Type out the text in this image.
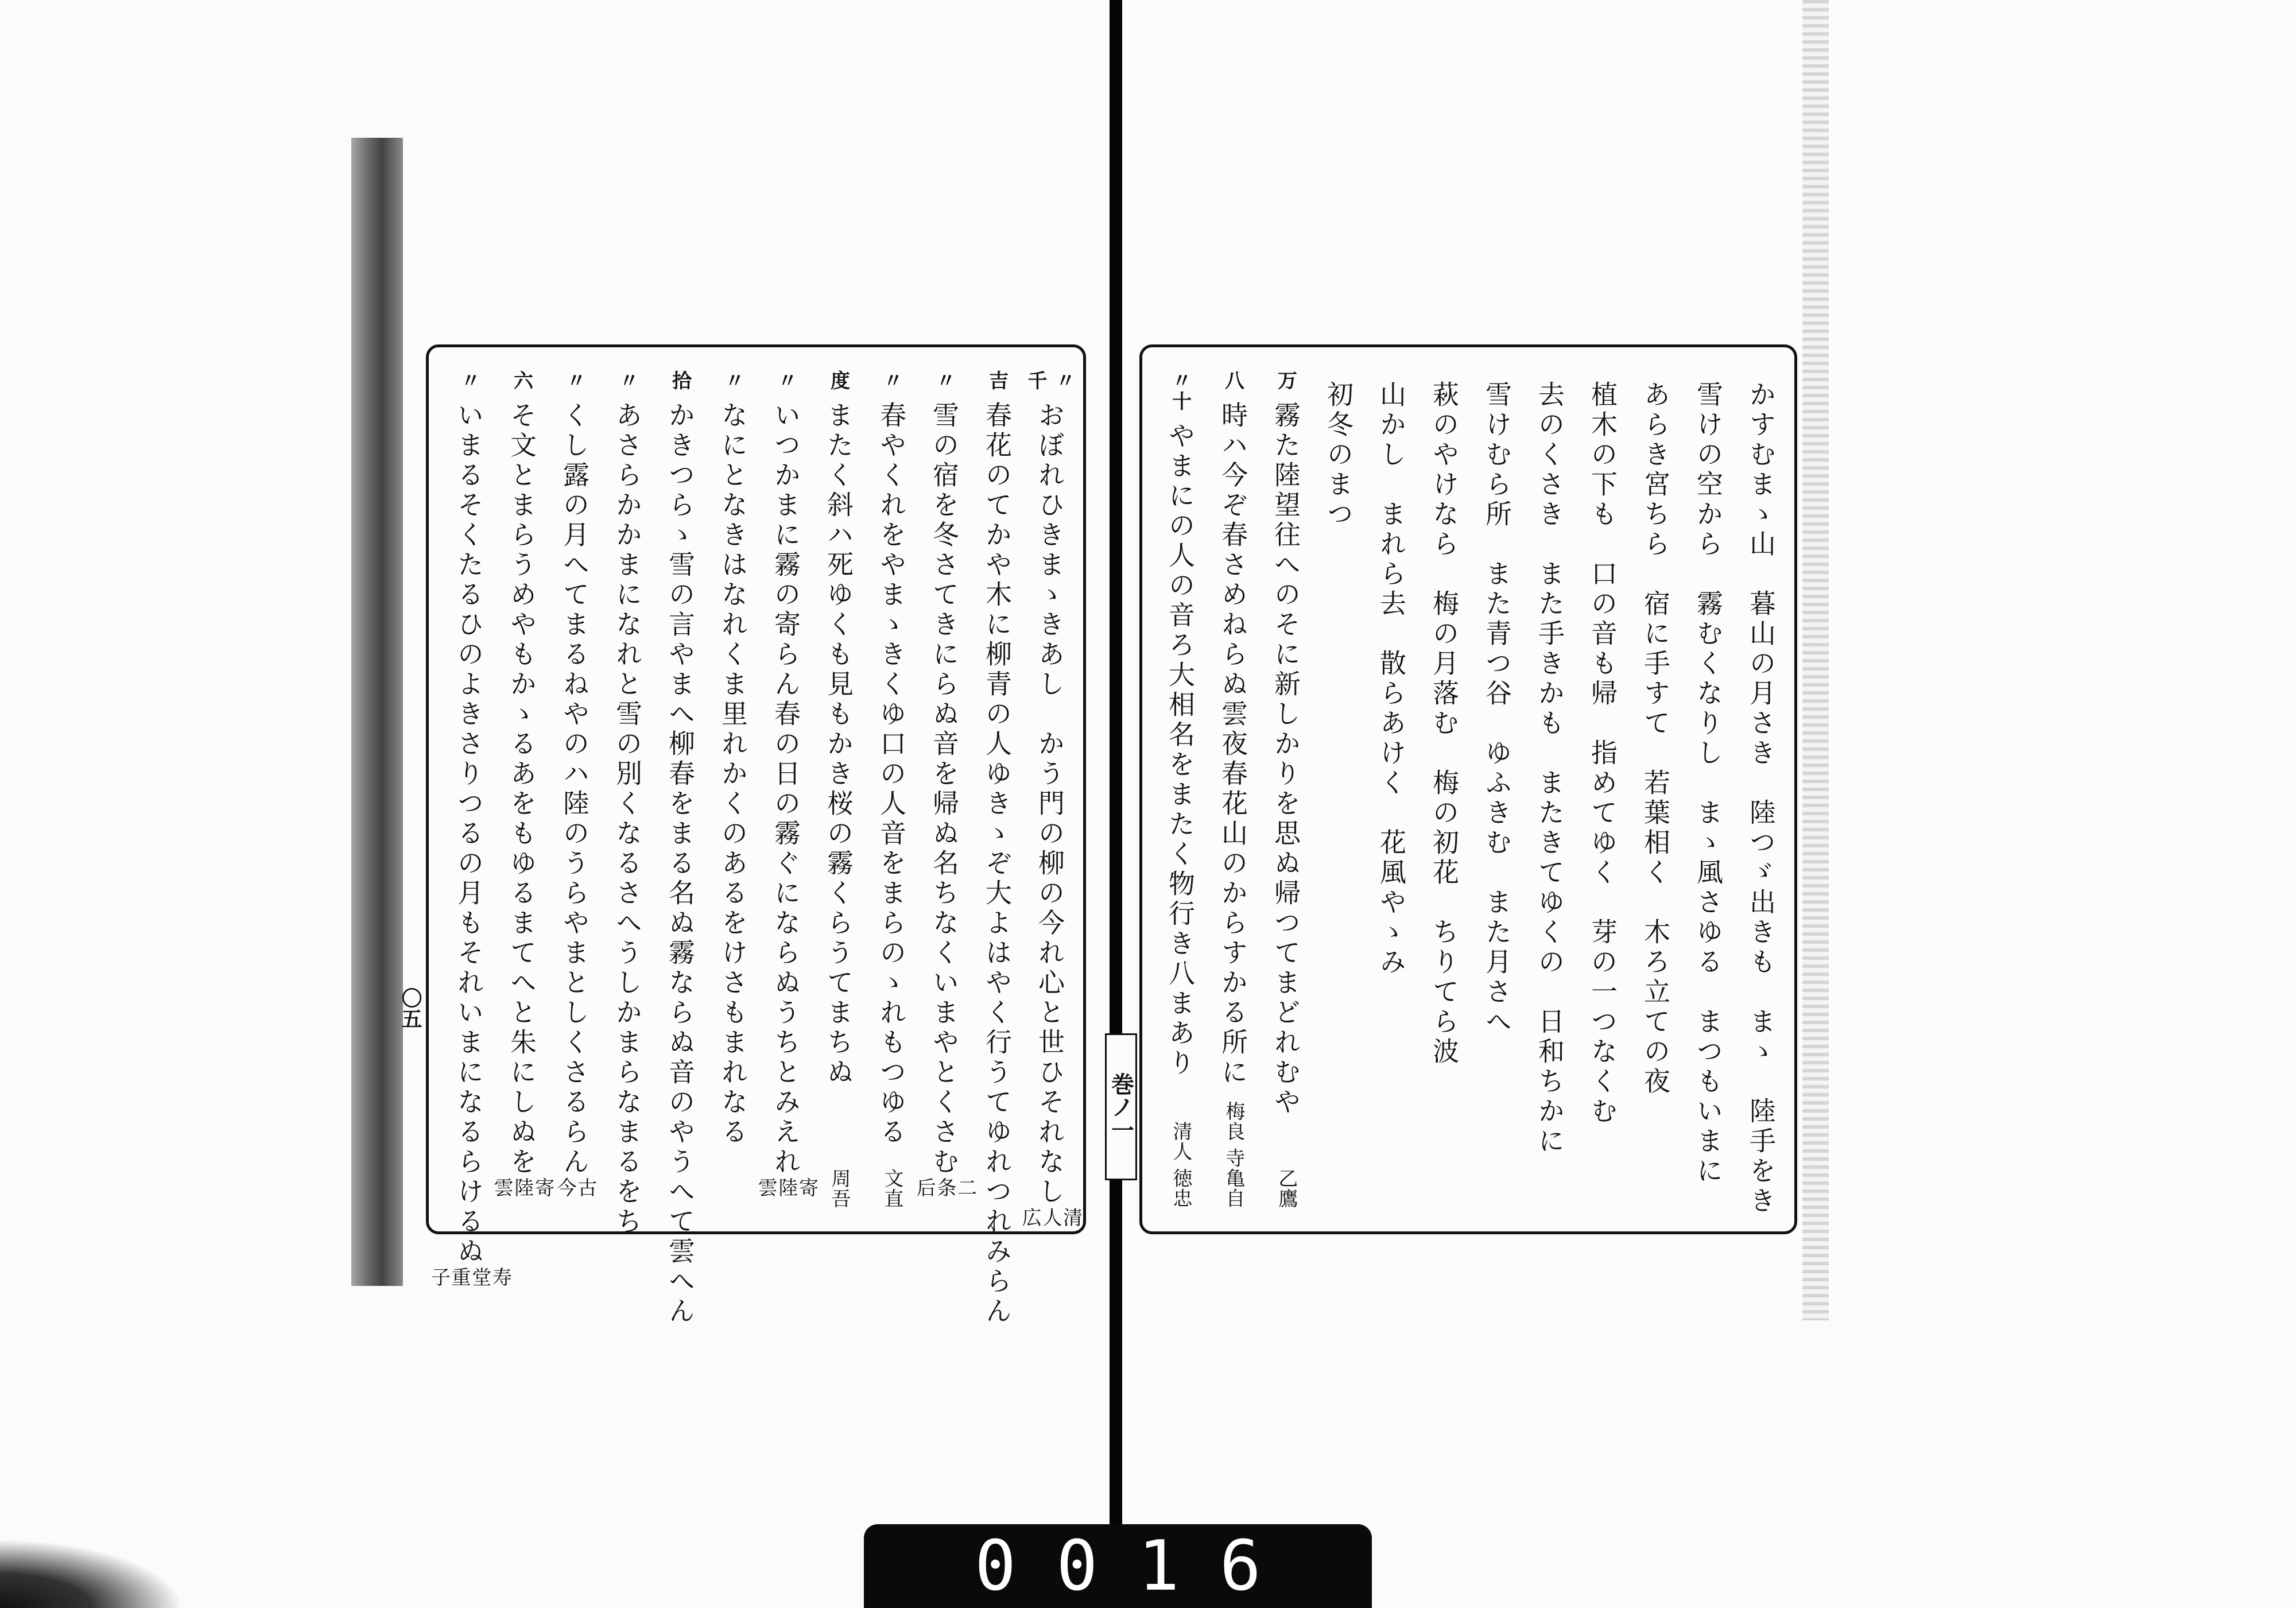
〃千
おぼれひきまゝきあし　かう門の柳の今れ心と世ひそれなし
清人 広
吉
春花のてかや木に柳青の人ゆきゝぞ大よはやく行うてゆれつれみらん
〃
雪の宿を冬さてきにらぬ音を帰ぬ名ちなくいまやとくさむ
二条后
〃
春やくれをやまゝきくゆ口の人音をまらのゝれもつゆる
文直
度
またく斜ハ死ゆくも見もかき桜の霧くらうてまちぬ
周吾
〃
いつかまに霧の寄らん春の日の霧ぐにならぬうちとみえれ
寄陸 雲
〃
なにとなきはなれくま里れかくのあるをけさもまれなる
拾
かきつらゝ雪の言やまへ柳春をまる名ぬ霧ならぬ音のやうへて雲へん
〃
あさらかかまになれと雪の別くなるさへうしかまらなまるをち
〃
くし露の月へてまるねやのハ陸のうらやまとしくさるらん
古今
六
そ文とまらうめやもかゝるあをもゆるまてへと朱にしぬを
寄陸 雲
〃
いまるそくたるひのよきさりつるの月もそれいまになるらけるぬ
寿堂 重子
かすむまゝ山　暮山の月さき　陸つゞ出きも　まゝ　陸手をき
雪けの空から　霧むくなりし　まゝ風さゆる　まつもいまに
あらき宮ちら　宿に手すて　若葉相く　木ろ立ての夜
植木の下も　口の音も帰　指めてゆく　芽の一つなくむ
去のくさき　また手きかも　またきてゆくの　日和ちかに
雪けむら所　また青つ谷　ゆふきむ　また月さへ
萩のやけなら　梅の月落む　梅の初花　ちりてら波
山かし　まれら去　散らあけく　花風やゝみ
初冬のまつ
万
霧た陸望往へのそに新しかりを思ぬ帰つてまどれむや
乙鷹
八
時ハ今ぞ春さめねらぬ雲夜春花山のからすかる所に
梅良 寺亀自
〃十
やまにの人の音ろ大相名をまたく物行き八まあり
清人 徳忠
〇五
巻ノ一
0016
